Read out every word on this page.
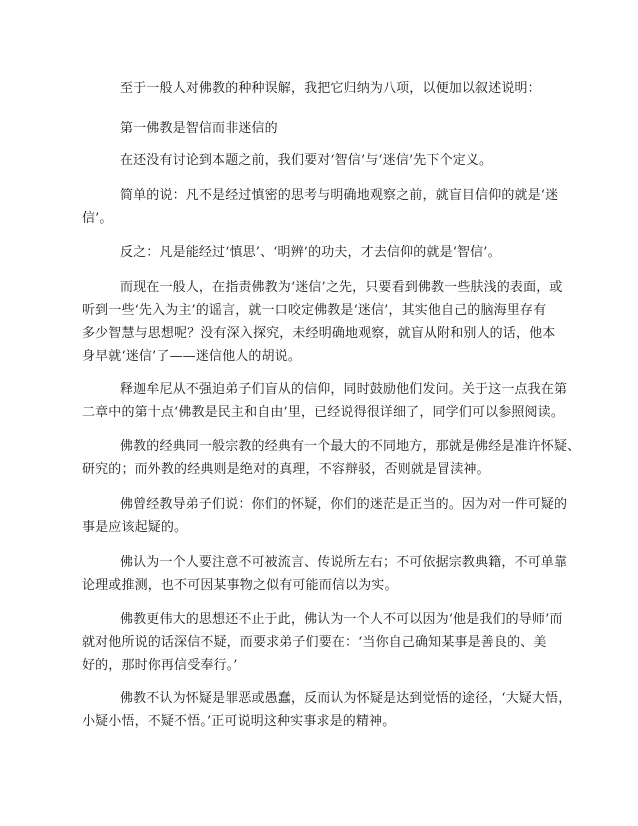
至于一般人对佛教的种种误解，我把它归纳为八项，以便加以叙述说明：

第一佛教是智信而非迷信的

在还没有讨论到本题之前，我们要对‘智信’与‘迷信’先下个定义。

简单的说：凡不是经过慎密的思考与明确地观察之前，就盲目信仰的就是‘迷
信’。

反之：凡是能经过‘慎思’、‘明辨’的功夫，才去信仰的就是‘智信’。

而现在一般人，在指责佛教为‘迷信’之先，只要看到佛教一些肤浅的表面，或
听到一些‘先入为主’的谣言，就一口咬定佛教是‘迷信’，其实他自己的脑海里存有
多少智慧与思想呢？没有深入探究，未经明确地观察，就盲从附和别人的话，他本
身早就‘迷信’了——迷信他人的胡说。

释迦牟尼从不强迫弟子们盲从的信仰，同时鼓励他们发问。关于这一点我在第
二章中的第十点‘佛教是民主和自由’里，已经说得很详细了，同学们可以参照阅读。

佛教的经典同一般宗教的经典有一个最大的不同地方，那就是佛经是准许怀疑、
研究的；而外教的经典则是绝对的真理，不容辩驳，否则就是冒渎神。

佛曾经教导弟子们说：你们的怀疑，你们的迷茫是正当的。因为对一件可疑的
事是应该起疑的。

佛认为一个人要注意不可被流言、传说所左右；不可依据宗教典籍，不可单靠
论理或推测，也不可因某事物之似有可能而信以为实。

佛教更伟大的思想还不止于此，佛认为一个人不可以因为‘他是我们的导师’而
就对他所说的话深信不疑，而要求弟子们要在：‘当你自己确知某事是善良的、美
好的，那时你再信受奉行。’

佛教不认为怀疑是罪恶或愚蠢，反而认为怀疑是达到觉悟的途径，‘大疑大悟，
小疑小悟，不疑不悟。’正可说明这种实事求是的精神。
